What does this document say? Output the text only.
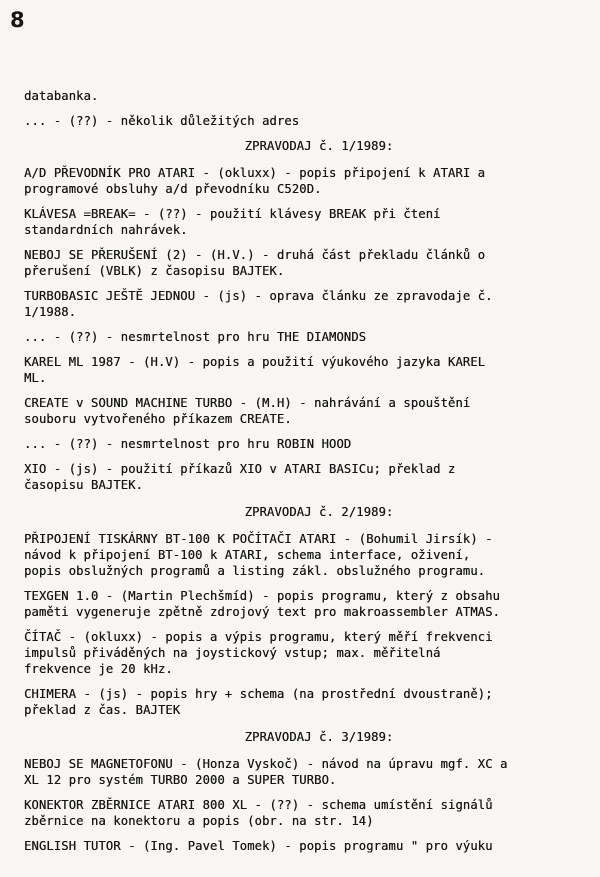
8

databanka.

... - (??) - několik důležitých adres

ZPRAVODAJ č. 1/1989:

A/D PŘEVODNÍK PRO ATARI - (okluxx) - popis připojení k ATARI a

programové obsluhy a/d převodníku C520D.

KLÁVESA =BREAK= - (??) - použití klávesy BREAK při čtení

standardních nahrávek.

NEBOJ SE PŘERUŠENÍ (2) - (H.V.) - druhá část překladu článků o

přerušení (VBLK) z časopisu BAJTEK.

TURBOBASIC JEŠTĚ JEDNOU - (js) - oprava článku ze zpravodaje č.

1/1988.

... - (??) - nesmrtelnost pro hru THE DIAMONDS

KAREL ML 1987 - (H.V) - popis a použití výukového jazyka KAREL

ML.

CREATE v SOUND MACHINE TURBO - (M.H) - nahrávání a spouštění

souboru vytvořeného příkazem CREATE.

... - (??) - nesmrtelnost pro hru ROBIN HOOD

XIO - (js) - použití příkazů XIO v ATARI BASICu; překlad z

časopisu BAJTEK.

ZPRAVODAJ č. 2/1989:

PŘIPOJENÍ TISKÁRNY BT-100 K POČÍTAČI ATARI - (Bohumil Jirsík) -

návod k připojení BT-100 k ATARI, schema interface, oživení,

popis obslužných programů a listing zákl. obslužného programu.

TEXGEN 1.0 - (Martin Plechšmíd) - popis programu, který z obsahu

paměti vygeneruje zpětně zdrojový text pro makroassembler ATMAS.

ČÍTAČ - (okluxx) - popis a výpis programu, který měří frekvenci

impulsů přiváděných na joystickový vstup; max. měřitelná

frekvence je 20 kHz.

CHIMERA - (js) - popis hry + schema (na prostřední dvoustraně);

překlad z čas. BAJTEK

ZPRAVODAJ č. 3/1989:

NEBOJ SE MAGNETOFONU - (Honza Vyskoč) - návod na úpravu mgf. XC a

XL 12 pro systém TURBO 2000 a SUPER TURBO.

KONEKTOR ZBĚRNICE ATARI 800 XL - (??) - schema umístění signálů

zběrnice na konektoru a popis (obr. na str. 14)

ENGLISH TUTOR - (Ing. Pavel Tomek) - popis programu " pro výuku
